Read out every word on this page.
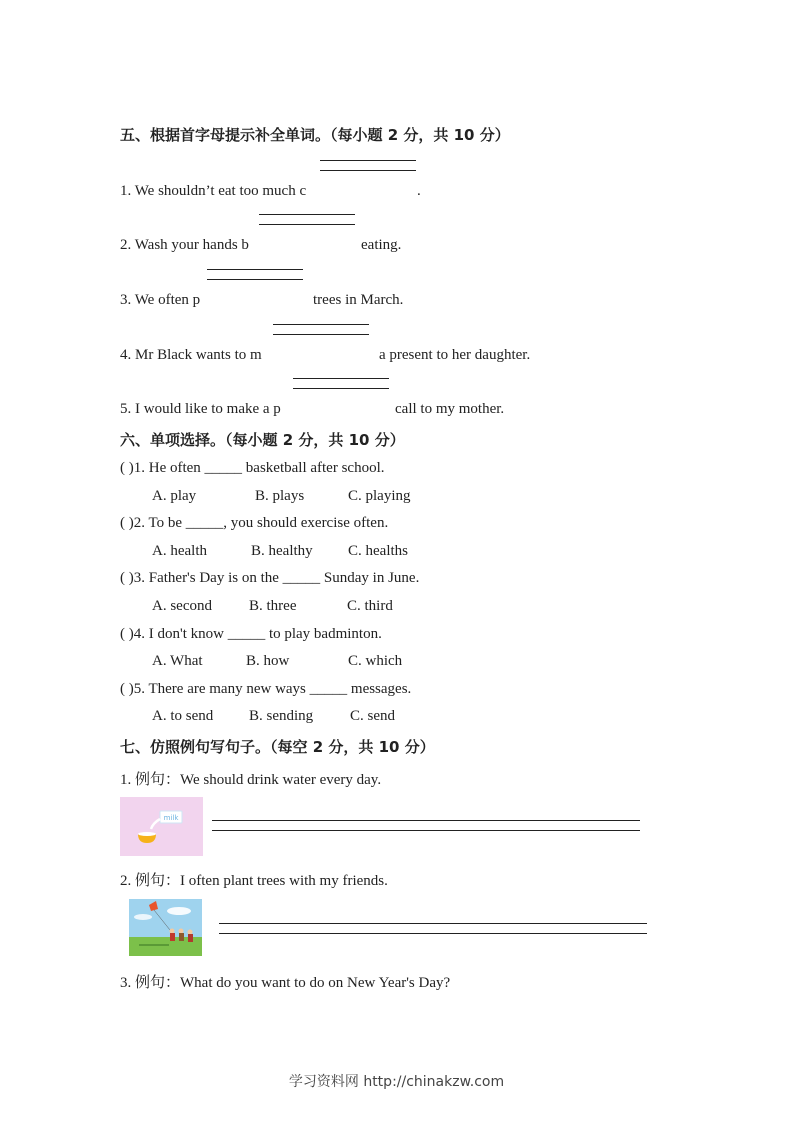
五、根据首字母提示补全单词。（每小题 2 分，共 10 分）
1. We shouldn’t eat too much c	.
2. Wash your hands b	eating.
3. We often p	trees in March.
4. Mr Black wants to m	a present to her daughter.
5. I would like to make a p	call to my mother.
六、单项选择。（每小题 2 分，共 10 分）
( )1. He often _____ basketball after school.
A. play	B. plays	C. playing
( )2. To be _____, you should exercise often.
A. health	B. healthy C. healths
( )3. Father's Day is on the _____ Sunday in June.
A. second B. three	C. third
( )4. I don't know _____ to play badminton.
A. What	B. how	C. which
( )5. There are many new ways _____ messages.
A. to send B. sending C. send
七、仿照例句写句子。（每空 2 分，共 10 分）
1. 例句：We should drink water every day.
milk
2. 例句：I often plant trees with my friends.
3. 例句：What do you want to do on New Year's Day?
学习资料网 http://chinakzw.com
